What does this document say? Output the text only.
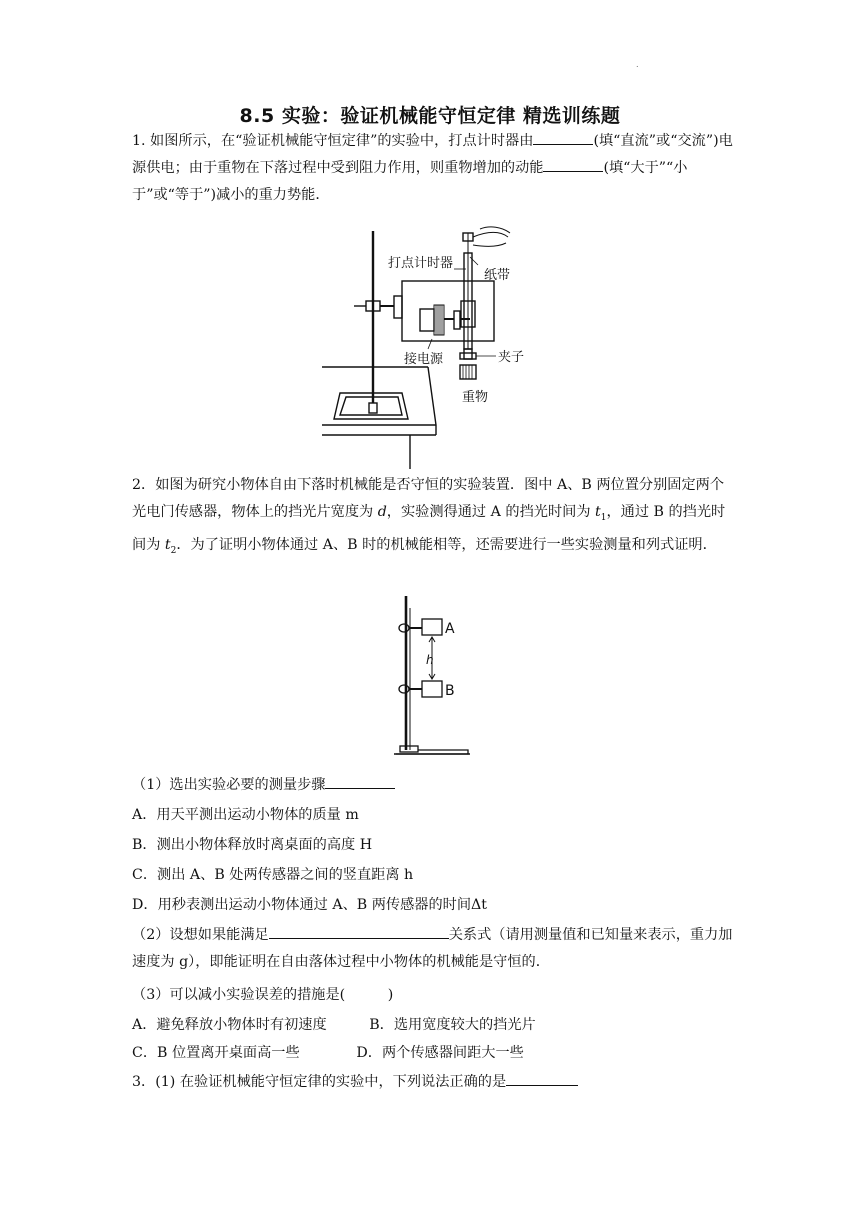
.
8.5 实验：验证机械能守恒定律 精选训练题

1. 如图所示，在“验证机械能守恒定律”的实验中，打点计时器由	(填“直流”或“交流”)电源供电；由于重物在下落过程中受到阻力作用，则重物增加的动能	(填“大于”“小于”或“等于”)减小的重力势能．

打点计时器
纸带
接电源	夹子
重物

2．如图为研究小物体自由下落时机械能是否守恒的实验装置．图中 A、B 两位置分别固定两个光电门传感器，物体上的挡光片宽度为 d，实验测得通过 A 的挡光时间为 $t_1$，通过 B 的挡光时间为 $t_2$．为了证明小物体通过 A、B 时的机械能相等，还需要进行一些实验测量和列式证明．

A
B
h
（1）选出实验必要的测量步骤
A．用天平测出运动小物体的质量 m
B．测出小物体释放时离桌面的高度 H
C．测出 A、B 处两传感器之间的竖直距离 h
D．用秒表测出运动小物体通过 A、B 两传感器的时间Δt

（2）设想如果能满足	关系式（请用测量值和已知量来表示，重力加速度为 g），即能证明在自由落体过程中小物体的机械能是守恒的．

（3）可以减小实验误差的措施是(　　　)
A．避免释放小物体时有初速度　　　B．选用宽度较大的挡光片
C．B 位置离开桌面高一些　　　　D．两个传感器间距大一些
3．(1) 在验证机械能守恒定律的实验中，下列说法正确的是
